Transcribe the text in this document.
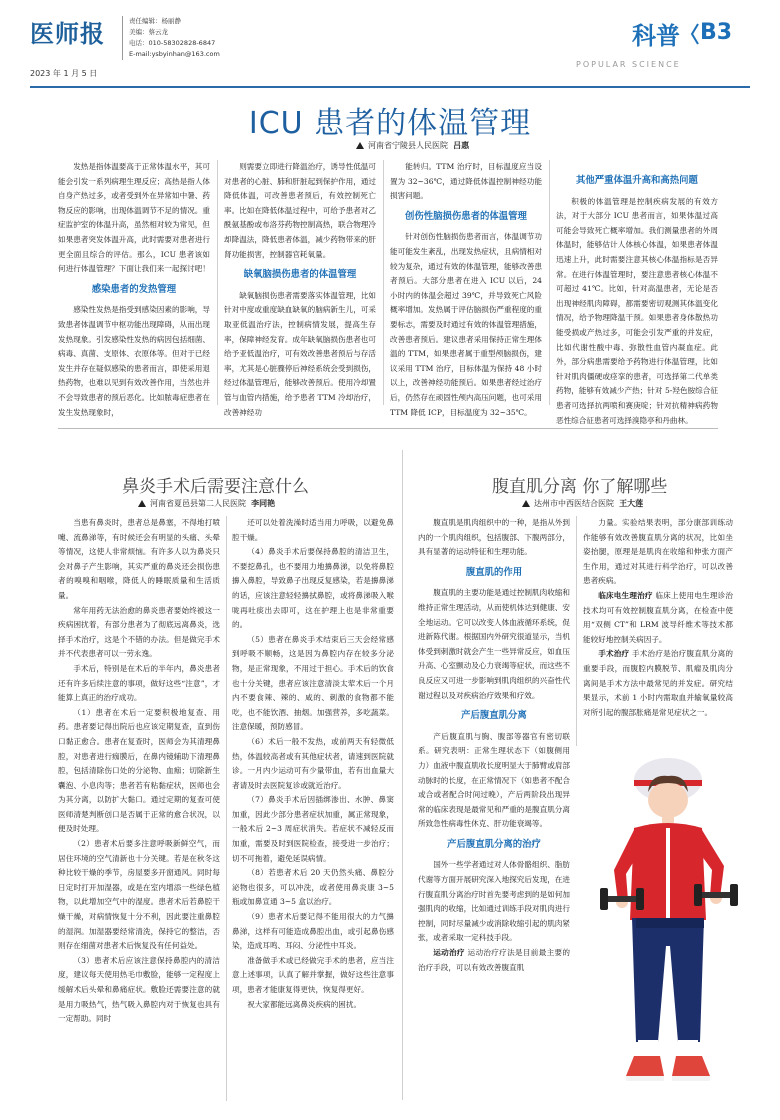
医师报
2023 年 1 月 5 日
责任编辑：杨丽静
美编：蔡云龙
电话：010-58302828-6847
E-mail:ysbyinhan@163.com
科普
POPULAR SCIENCE
B3
ICU 患者的体温管理
河南省宁陵县人民医院 吕惠

发热是指体温要高于正常体温水平，其可能会引发一系列病理生理反应；高热是指人体自身产热过多，或者受到外在异常如中暑、药物反应的影响，出现体温调节不足的情况。重症监护室的体温升高，虽然相对较为常见，但如果患者突发体温升高，此时需要对患者进行更全面且综合的评估。那么，ICU 患者该如何进行体温管理？下面让我们来一起探讨吧！

感染患者的发热管理

感染性发热是指受到感染因素的影响，导致患者体温调节中枢功能出现障碍，从而出现发热现象。引发感染性发热的病因包括细菌、病毒、真菌、支原体、衣原体等。但对于已经发生并存在疑似感染的患者而言，即使采用退热药物，也难以见到有效改善作用，当然也并不会导致患者的预后恶化。比如脓毒症患者在发生发热现象时，

则需要立即进行降温治疗，诱导性低温可对患者的心脏、肺和肝脏起到保护作用，通过降低体温，可改善患者预后，有效控制死亡率。比如在降低体温过程中，可给予患者对乙酰氨基酚或布洛芬药物控制高热，联合物理冷却降温法，降低患者体温，减少药物带来的肝肾功能损害，控制器官耗氧量。

缺氧脑损伤患者的体温管理

缺氧脑损伤患者需要落实体温管理，比如针对中度或重度缺血缺氧的脑病新生儿，可采取亚低温治疗法，控制病情发展，提高生存率，保障神经发育。成年缺氧脑损伤患者也可给予亚低温治疗，可有效改善患者预后与存活率，尤其是心脏骤停后神经系统会受到损伤，经过体温管理后，能够改善预后。使用冷却置管与血管内措施，给予患者 TTM 冷却治疗，改善神经功

能转归。TTM 治疗时，目标温度应当设置为 32~36℃，通过降低体温控制神经功能损害问题。

创伤性脑损伤患者的体温管理

针对创伤性脑损伤患者而言，体温调节功能可能发生紊乱，出现发热症状，且病情相对较为复杂，通过有效的体温管理，能够改善患者预后。大部分患者在进入 ICU 以后，24 小时内的体温会超过 39℃，并导致死亡风险概率增加。发热属于评估脑损伤严重程度的重要标志，需要及时通过有效的体温管理措施，改善患者预后。建议患者采用保持正常生理体温的 TTM，如果患者属于重型颅脑损伤，建议采用 TTM 治疗，目标体温为保持 48 小时以上，改善神经功能预后。如果患者经过治疗后，仍然存在顽固性颅内高压问题，也可采用 TTM 降低 ICP，目标温度为 32~35℃。

其他严重体温升高和高热问题

积极的体温管理是控制疾病发展的有效方法，对于大部分 ICU 患者而言，如果体温过高可能会导致死亡概率增加。我们测量患者的外周体温时，能够估计人体核心体温，如果患者体温迅速上升，此时需要注意其核心体温指标是否异常。在进行体温管理时，要注意患者核心体温不可超过 41℃。比如，针对高温患者，无论是否出现神经肌肉障碍，都需要密切观测其体温变化情况，给予物理降温干预。如果患者身体散热功能受损或产热过多，可能会引发严重的并发症，比如代谢性酸中毒、弥散性血管内凝血症。此外，部分病患需要给予药物进行体温管理，比如针对肌肉僵硬或痉挛的患者，可选择第二代单类药物，能够有效减少产热；针对 5-羟色胺综合征患者可选择抗两喷和赛庚啶；针对抗精神病药物恶性综合征患者可选择溴隐亭和丹曲林。

鼻炎手术后需要注意什么
河南省夏邑县第二人民医院 李同艳

当患有鼻炎时，患者总是鼻塞，不得地打喷嚏、流鼻涕等，有时候还会有明显的头痛、头晕等情况，这使人非常烦恼。有许多人以为鼻炎只会对鼻子产生影响，其实严重的鼻炎还会损伤患者的嗅嗅和咽喉，降低人的睡眠质量和生活质量。

常年用药无法治愈的鼻炎患者要始终被这一疾病困扰着，有部分患者为了彻底远离鼻炎，选择手术治疗，这是个不错的办法。但是做完手术并不代表患者可以一劳永逸。

手术后，特别是在术后的半年内，鼻炎患者还有许多后续注意的事项，做好这些“注意”，才能算上真正的治疗成功。

（1）患者在术后一定要积极地复查、用药。患者要记得出院后也应该定期复查，直到伤口黏正愈合。患者在复查时，医师会为其清理鼻腔，对患者进行痂膜后，在鼻内镜辅助下清理鼻腔，包括清除伤口处的分泌物、血痂；切除新生囊泡、小息肉等；患者若有粘黏症状，医师也会为其分离，以防扩大黏口。通过定期的复查可使医师清楚判断创口是否属于正常的愈合状况，以便及时处理。

（2）患者术后要多注意呼吸新鲜空气，而居住环境的空气清新也十分关键。若是在秋冬这种比较干燥的季节，房屋要多开窗通风。同时每日定时打开加湿器，或是在室内增添一些绿色植物，以此增加空气中的湿度。患者术后若鼻腔干燥干燥，对病情恢复十分不利，因此要注重鼻腔的湿润。加湿器要经常清洗，保持它的整洁，否则存在细菌对患者术后恢复没有任何益处。

（3）患者术后应该注意保持鼻腔内的清洁度，建议每天使用热毛巾敷脸，能够一定程度上缓解术后头晕和鼻痛症状。敷脸还需要注意的就是用力吸热气，热气吸入鼻腔内对于恢复也具有一定帮助。同时

还可以处着洗澡时适当用力呼吸，以避免鼻腔干燥。

（4）鼻炎手术后要保持鼻腔的清洁卫生，不要挖鼻孔，也不要用力地擤鼻涕，以免将鼻腔擤入鼻腔，导致鼻子出现反复感染，若是擤鼻涕的话，应该注意轻轻擤拭鼻腔，或将鼻涕吸入喉咙再吐痰出去即可，这在护理上也是非常重要的。

（5）患者在鼻炎手术结束后三天会经常感到呼吸不顺畅，这是因为鼻腔内存在较多分泌物，是正常现象，不用过于担心。手术后的饮食也十分关键，患者应该注意清淡太荤术后一个月内不要食辣、辣的、咸的、刺激的食物都不能吃，也不能饮酒、抽烟。加强营养，多吃蔬菜。注意保暖，预防感冒。

（6）术后一般不发热，或前两天有轻微低热，体温较高者或有其他症状者，请速到医院就诊。一月内少运动可有少量带血，若有出血量大者请及时去医院复诊或就近治疗。

（7）鼻炎手术后因插绑渗出、水肿、鼻窦加重，因此少部分患者症状加重，属正常现象，一般术后 2~3 周症状消失。若症状不减轻反而加重，需要及时到医院检查，接受进一步治疗；切不可拖着，避免延误病情。

（8）若患者术后 20 天仍然头痛、鼻腔分泌物也很多，可以冲洗，或者使用鼻炎康 3~5 瓶或加鼻宣通 3~5 盒以治疗。

（9）患者术后要记得不能用很大的力气擤鼻涕，这样有可能造成鼻腔出血，或引起鼻伤感染，造成耳鸣、耳闷、分泌性中耳炎。

准备做手术或已经做完手术的患者，应当注意上述事项，认真了解并掌握，做好这些注意事项，患者才能康复得更快，恢复得更好。

祝大家都能远离鼻炎疾病的困扰。

腹直肌分离 你了解哪些
达州市中西医结合医院 王大莲

腹直肌是肌肉组织中的一种，是指从外到内的一个肌肉组织，包括腹部、下腹两部分，具有显著的运动特征和生理功能。

腹直肌的作用

腹直肌的主要功能是通过控制肌肉收缩和维持正常生理活动，从而使机体达到健康、安全地运动。它可以改变人体血液循环系统，促进新陈代谢。根据国内外研究很道显示，当机体受到刺激时就会产生一些异常反应，如血压升高、心室颤动及心力衰竭等症状，而这些不良反应又可进一步影响到肌肉组织的兴奋性代谢过程以及对疾病治疗效果和疗效。

产后腹直肌分离

产后腹直肌与胸、腹部等器官有密切联系。研究表明：正常生理状态下（如腹侧用力）血液中腹直肌收长度明显大于肺臂或肩部动脉时的长度，在正常情况下（如患者不配合或合或者配合时间过晚），产后两阶段出现异常的临床表现是最常见和严重的是腹直肌分离所致急性病毒性休克、肝功能衰竭等。

产后腹直肌分离的治疗

国外一些学者通过对人体骨骼组织、脂肪代谢等方面开展研究深入地探究后发现，在进行腹直肌分离治疗时首先要考虑到的是如何加强肌肉的收缩，比如通过训练手段对肌肉进行控制，同时尽量减少或消除收缩引起的肌肉紧张，或者采取一定科技手段。

运动治疗 运动治疗疗法是目前最主要的治疗手段，可以有效改善腹直肌

力量。实验结果表明，部分康部训练动作能够有效改善腹直肌分离的状况，比如坐姿抬腿，原理是是肌肉在收缩和伸张方面产生作用，通过对其进行科学治疗，可以改善患者疾病。

临床电生理治疗 临床上使用电生理诊治技术均可有效控制腹直肌分离，在检查中使用“双侧 CT”和 LRM 波导纤维术等技术都能较好地控制关病因子。

手术治疗 手术治疗是治疗腹直肌分离的重要手段，而腹腔内膜脱节、肌瘤及肌肉分离间是手术方法中最常见的并发症。研究结果显示，术前 1 小时内需取血并输氧量较高对所引起的腹部胀痛是常见症状之一。
